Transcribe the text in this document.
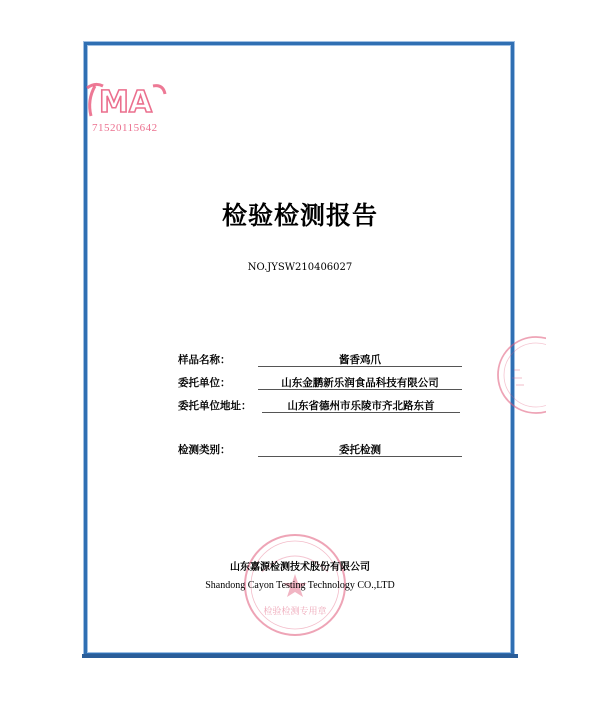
MA
71520115642
检验检测报告
NO.JYSW210406027
样品名称：	酱香鸡爪
委托单位：	山东金鹏新乐润食品科技有限公司
委托单位地址：	山东省德州市乐陵市齐北路东首
检测类别：	委托检测
检验检测专用章
山东嘉源检测技术股份有限公司
Shandong Cayon Testing Technology CO.,LTD
